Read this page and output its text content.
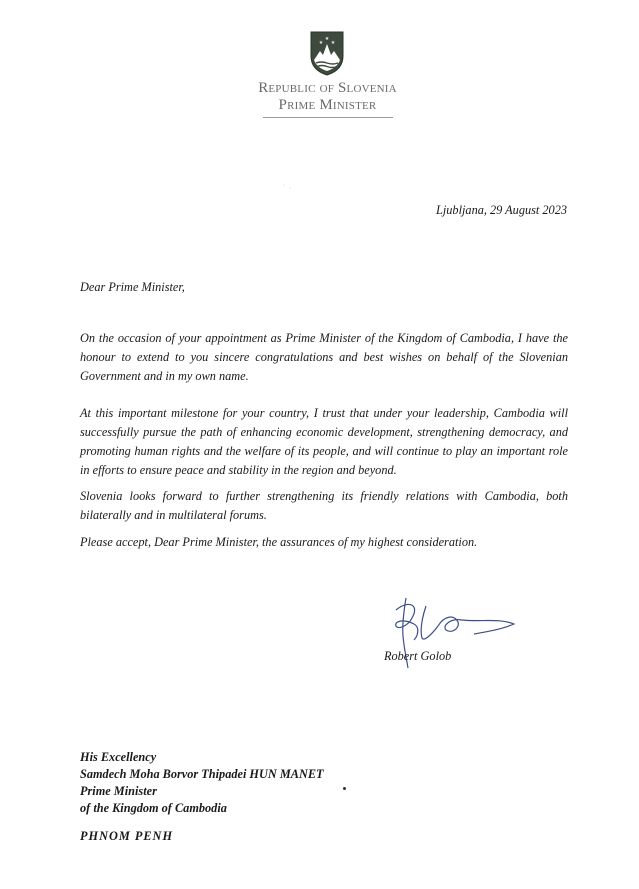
★
★ ★
Republic of Slovenia
Prime Minister
· ·
Ljubljana, 29 August 2023
Dear Prime Minister,
On the occasion of your appointment as Prime Minister of the Kingdom of Cambodia, I have the honour to extend to you sincere congratulations and best wishes on behalf of the Slovenian Government and in my own name.
At this important milestone for your country, I trust that under your leadership, Cambodia will successfully pursue the path of enhancing economic development, strengthening democracy, and promoting human rights and the welfare of its people, and will continue to play an important role in efforts to ensure peace and stability in the region and beyond.
Slovenia looks forward to further strengthening its friendly relations with Cambodia, both bilaterally and in multilateral forums.
Please accept, Dear Prime Minister, the assurances of my highest consideration.
Robert Golob
His Excellency
Samdech Moha Borvor Thipadei HUN MANET
Prime Minister
of the Kingdom of Cambodia
PHNOM PENH
